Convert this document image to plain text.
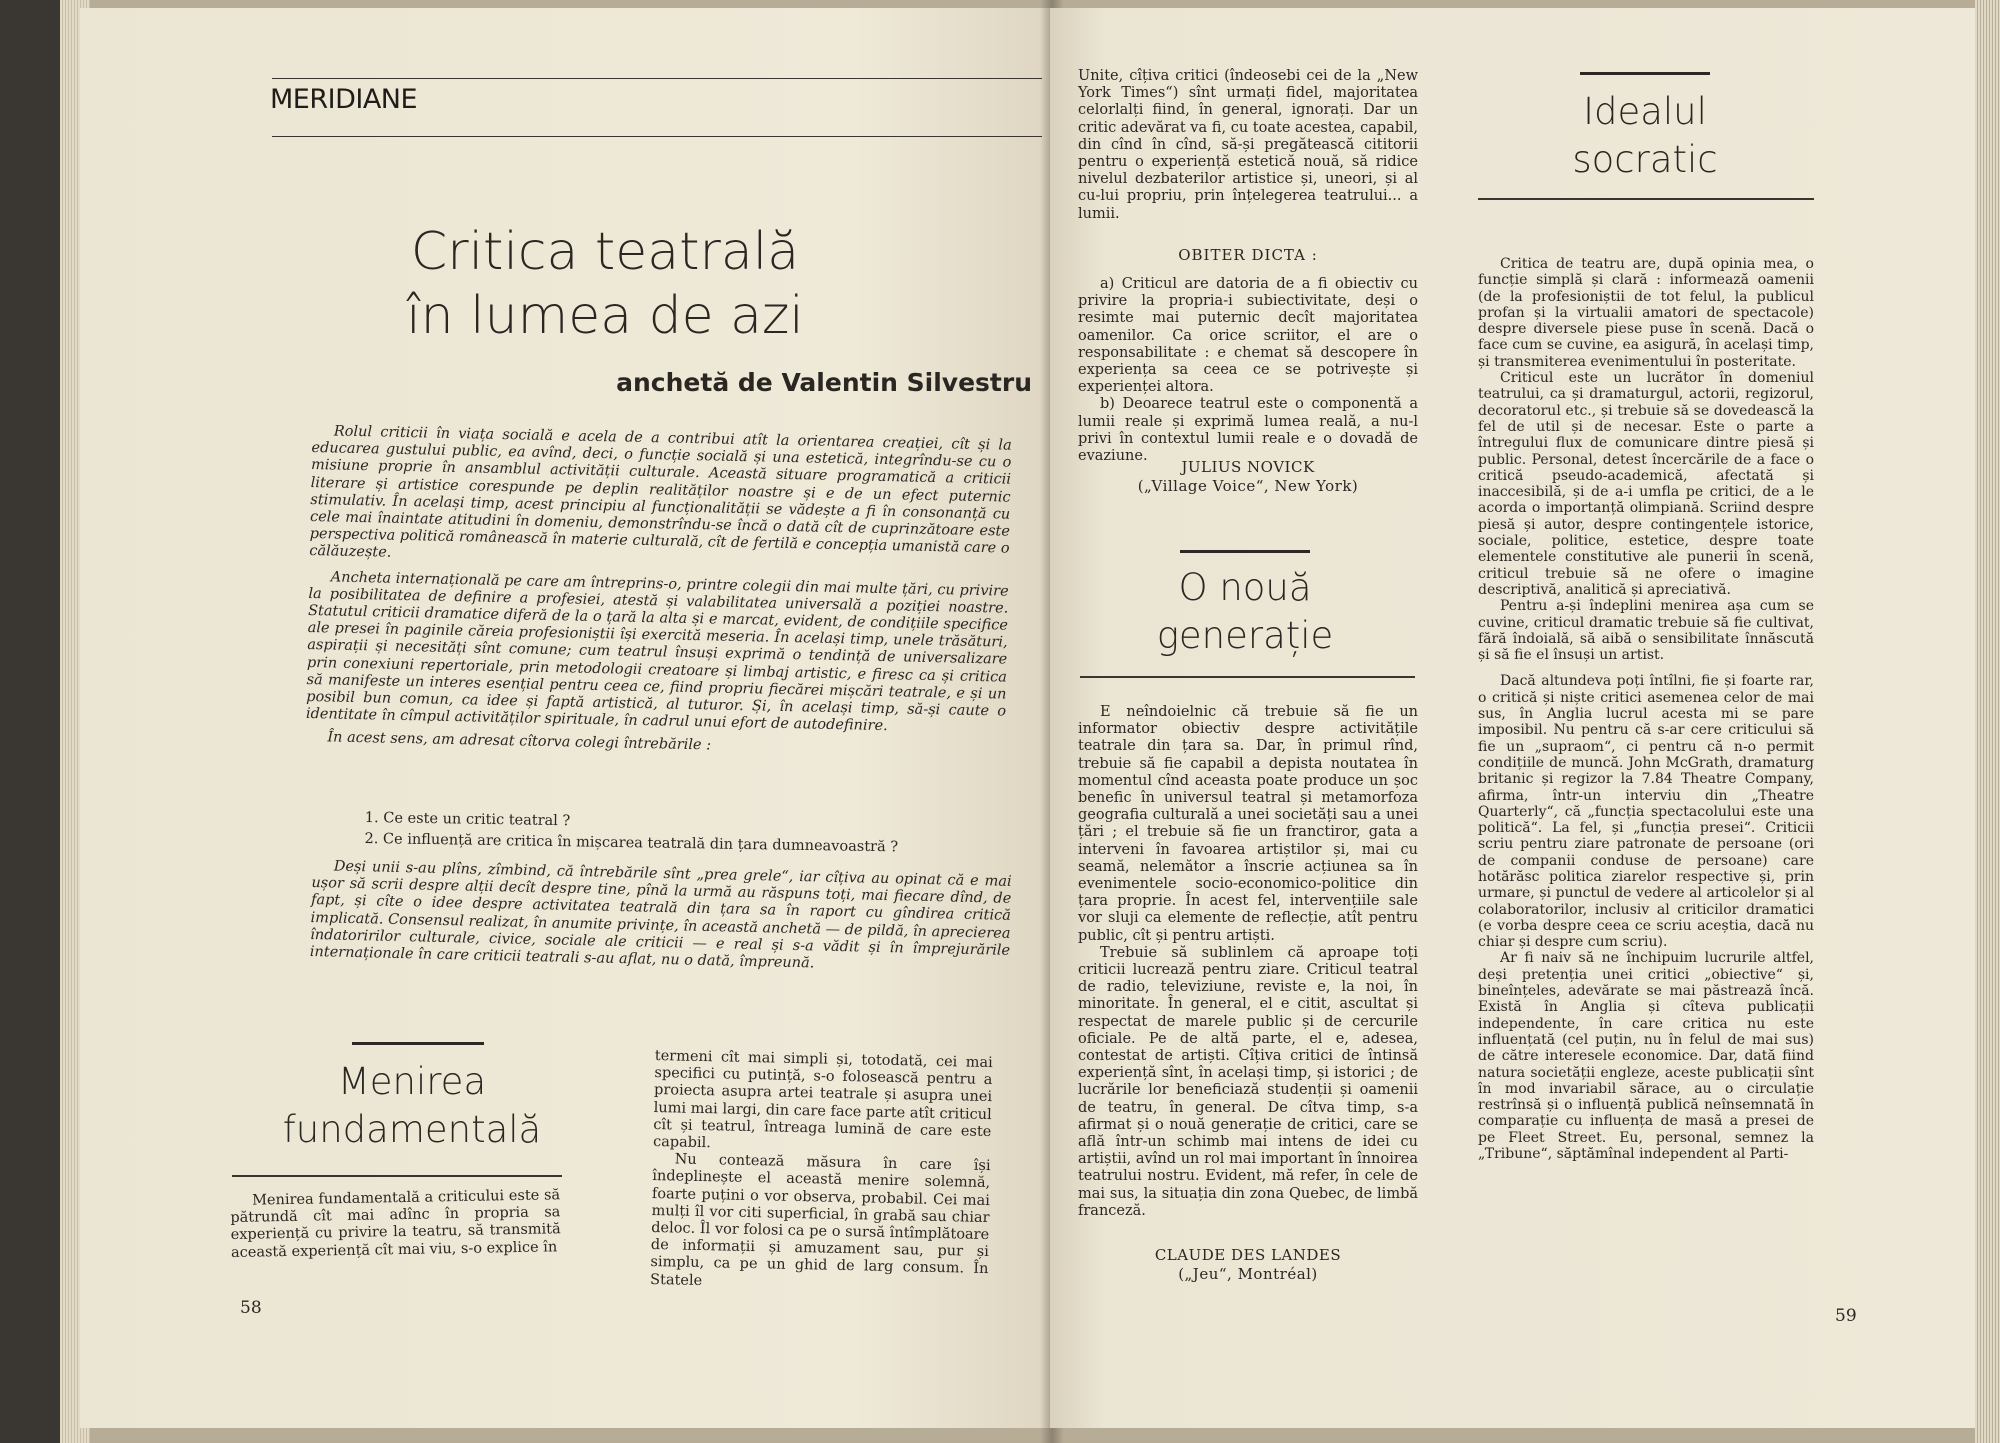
MERIDIANE
Critica teatrală
în lumea de azi
anchetă de Valentin Silvestru

Rolul criticii în viața socială e acela de a contribui atît la orientarea creației, cît și la educarea gustului public, ea avînd, deci, o funcție socială și una estetică, integrîndu-se cu o misiune proprie în ansamblul activității culturale. Această situare programatică a criticii literare și artistice corespunde pe deplin realităților noastre și e de un efect puternic stimulativ. În același timp, acest principiu al funcționalității se vădește a fi în consonanță cu cele mai înaintate atitudini în domeniu, demonstrîndu-se încă o dată cît de cuprinzătoare este perspectiva politică românească în materie culturală, cît de fertilă e concepția umanistă care o călăuzește.

Ancheta internațională pe care am întreprins-o, printre colegii din mai multe țări, cu privire la posibilitatea de definire a profesiei, atestă și valabilitatea universală a poziției noastre. Statutul criticii dramatice diferă de la o țară la alta și e marcat, evident, de condițiile specifice ale presei în paginile căreia profesioniștii își exercită meseria. În același timp, unele trăsături, aspirații și necesități sînt comune; cum teatrul însuși exprimă o tendință de universalizare prin conexiuni repertoriale, prin metodologii creatoare și limbaj artistic, e firesc ca și critica să manifeste un interes esențial pentru ceea ce, fiind propriu fiecărei mișcări teatrale, e și un posibil bun comun, ca idee și faptă artistică, al tuturor. Și, în același timp, să-și caute o identitate în cîmpul activităților spirituale, în cadrul unui efort de autodefinire.

În acest sens, am adresat cîtorva colegi întrebările :

1. Ce este un critic teatral ?

2. Ce influență are critica în mișcarea teatrală din țara dumneavoastră ?

Deși unii s-au plîns, zîmbind, că întrebările sînt „prea grele“, iar cîțiva au opinat că e mai ușor să scrii despre alții decît despre tine, pînă la urmă au răspuns toți, mai fiecare dînd, de fapt, și cîte o idee despre activitatea teatrală din țara sa în raport cu gîndirea critică implicată. Consensul realizat, în anumite privințe, în această anchetă — de pildă, în aprecierea îndatoririlor culturale, civice, sociale ale criticii — e real și s-a vădit și în împrejurările internaționale în care criticii teatrali s-au aflat, nu o dată, împreună.

Menirea
fundamentală

Menirea fundamentală a criticului este să pătrundă cît mai adînc în propria sa experiență cu privire la teatru, să transmită această experiență cît mai viu, s-o explice în

termeni cît mai simpli și, totodată, cei mai specifici cu putință, s-o folosească pentru a proiecta asupra artei teatrale și asupra unei lumi mai largi, din care face parte atît criticul cît și teatrul, întreaga lumină de care este capabil.

Nu contează măsura în care își îndeplinește el această menire solemnă, foarte puțini o vor observa, probabil. Cei mai mulți îl vor citi superficial, în grabă sau chiar deloc. Îl vor folosi ca pe o sursă întîmplătoare de informații și amuzament sau, pur și simplu, ca pe un ghid de larg consum. În Statele

58

Unite, cîțiva critici (îndeosebi cei de la „New York Times“) sînt urmați fidel, majoritatea celorlalți fiind, în general, ignorați. Dar un critic adevărat va fi, cu toate acestea, capabil, din cînd în cînd, să-și pregătească cititorii pentru o experiență estetică nouă, să ridice nivelul dezbaterilor artistice și, uneori, și al cu-lui propriu, prin înțelegerea teatrului... a lumii.

OBITER DICTA :

a) Criticul are datoria de a fi obiectiv cu privire la propria-i subiectivitate, deși o resimte mai puternic decît majoritatea oamenilor. Ca orice scriitor, el are o responsabilitate : e chemat să descopere în experiența sa ceea ce se potrivește și experienței altora.

b) Deoarece teatrul este o componentă a lumii reale și exprimă lumea reală, a nu-l privi în contextul lumii reale e o dovadă de evaziune.

JULIUS NOVICK
(„Village Voice“, New York)
O nouă
generație

E neîndoielnic că trebuie să fie un informator obiectiv despre activitățile teatrale din țara sa. Dar, în primul rînd, trebuie să fie capabil a depista noutatea în momentul cînd aceasta poate produce un șoc benefic în universul teatral și metamorfoza geografia culturală a unei societăți sau a unei țări ; el trebuie să fie un franctiror, gata a interveni în favoarea artiștilor și, mai cu seamă, nelemător a înscrie acțiunea sa în evenimentele socio-economico-politice din țara proprie. În acest fel, intervențiile sale vor sluji ca elemente de reflecție, atît pentru public, cît și pentru artiști.

Trebuie să sublinlem că aproape toți criticii lucrează pentru ziare. Criticul teatral de radio, televiziune, reviste e, la noi, în minoritate. În general, el e citit, ascultat și respectat de marele public și de cercurile oficiale. Pe de altă parte, el e, adesea, contestat de artiști. Cîțiva critici de întinsă experiență sînt, în același timp, și istorici ; de lucrările lor beneficiază studenții și oamenii de teatru, în general. De cîtva timp, s-a afirmat și o nouă generație de critici, care se află într-un schimb mai intens de idei cu artiștii, avînd un rol mai important în înnoirea teatrului nostru. Evident, mă refer, în cele de mai sus, la situația din zona Quebec, de limbă franceză.

CLAUDE DES LANDES
(„Jeu“, Montréal)
Idealul
socratic

Critica de teatru are, după opinia mea, o funcție simplă și clară : informează oamenii (de la profesioniștii de tot felul, la publicul profan și la virtualii amatori de spectacole) despre diversele piese puse în scenă. Dacă o face cum se cuvine, ea asigură, în același timp, și transmiterea evenimentului în posteritate.

Criticul este un lucrător în domeniul teatrului, ca și dramaturgul, actorii, regizorul, decoratorul etc., și trebuie să se dovedească la fel de util și de necesar. Este o parte a întregului flux de comunicare dintre piesă și public. Personal, detest încercările de a face o critică pseudo-academică, afectată și inaccesibilă, și de a-i umfla pe critici, de a le acorda o importanță olimpiană. Scriind despre piesă și autor, despre contingențele istorice, sociale, politice, estetice, despre toate elementele constitutive ale punerii în scenă, criticul trebuie să ne ofere o imagine descriptivă, analitică și apreciativă.

Pentru a-și îndeplini menirea așa cum se cuvine, criticul dramatic trebuie să fie cultivat, fără îndoială, să aibă o sensibilitate înnăscută și să fie el însuși un artist.

Dacă altundeva poți întîlni, fie și foarte rar, o critică și niște critici asemenea celor de mai sus, în Anglia lucrul acesta mi se pare imposibil. Nu pentru că s-ar cere criticului să fie un „supraom“, ci pentru că n-o permit condițiile de muncă. John McGrath, dramaturg britanic și regizor la 7.84 Theatre Company, afirma, într-un interviu din „Theatre Quarterly“, că „funcția spectacolului este una politică“. La fel, și „funcția presei“. Criticii scriu pentru ziare patronate de persoane (ori de companii conduse de persoane) care hotărăsc politica ziarelor respective și, prin urmare, și punctul de vedere al articolelor și al colaboratorilor, inclusiv al criticilor dramatici (e vorba despre ceea ce scriu aceștia, dacă nu chiar și despre cum scriu).

Ar fi naiv să ne închipuim lucrurile altfel, deși pretenția unei critici „obiective“ și, bineînțeles, adevărate se mai păstrează încă. Există în Anglia și cîteva publicații independente, în care critica nu este influențată (cel puțin, nu în felul de mai sus) de către interesele economice. Dar, dată fiind natura societății engleze, aceste publicații sînt în mod invariabil sărace, au o circulație restrînsă și o influență publică neînsemnată în comparație cu influența de masă a presei de pe Fleet Street. Eu, personal, semnez la „Tribune“, săptămînal independent al Parti-

59
